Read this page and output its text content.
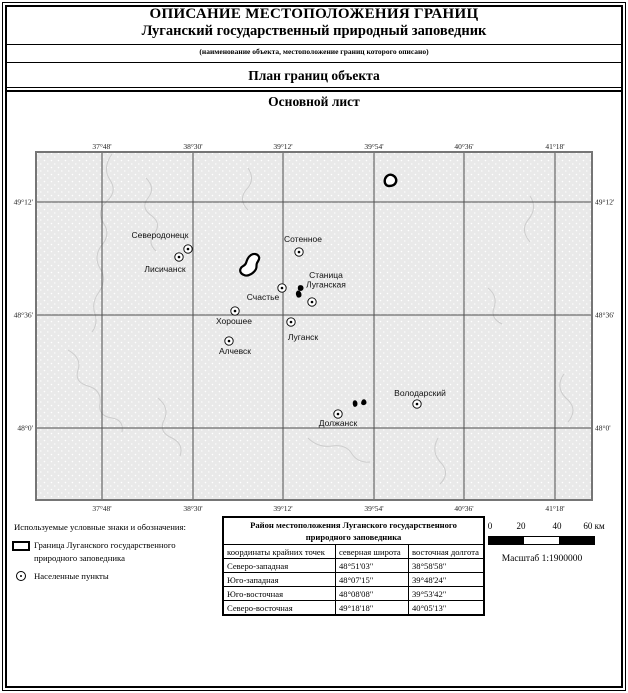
ОПИСАНИЕ МЕСТОПОЛОЖЕНИЯ ГРАНИЦ
Луганский государственный природный заповедник
(наименование объекта, местоположение границ которого описано)
План границ объекта
Основной лист
Северодонецк
Лисичанск
Сотенное
Счастье
Станица
Луганская
Хорошее
Луганск
Алчевск
Володарский
Должанск
37°48'
37°48'
38°30'
38°30'
39°12'
39°12'
39°54'
39°54'
40°36'
40°36'
41°18'
41°18'
49°12'	49°12'
48°36'	48°36'
48°0'	48°0'
Используемые условные знаки и обозначения:
Граница Луганского государственного природного заповедника
Населенные пункты
Район местоположения Луганского государственного природного заповедника		
координаты крайних точек	северная широта	восточная долгота
Северо-западная	48°51'03"	38°58'58"
Юго-западная	48°07'15"	39°48'24"
Юго-восточная	48°08'08"	39°53'42"
Северо-восточная	49°18'18"	40°05'13"
0	20	40 60 км
Масштаб 1:1900000
